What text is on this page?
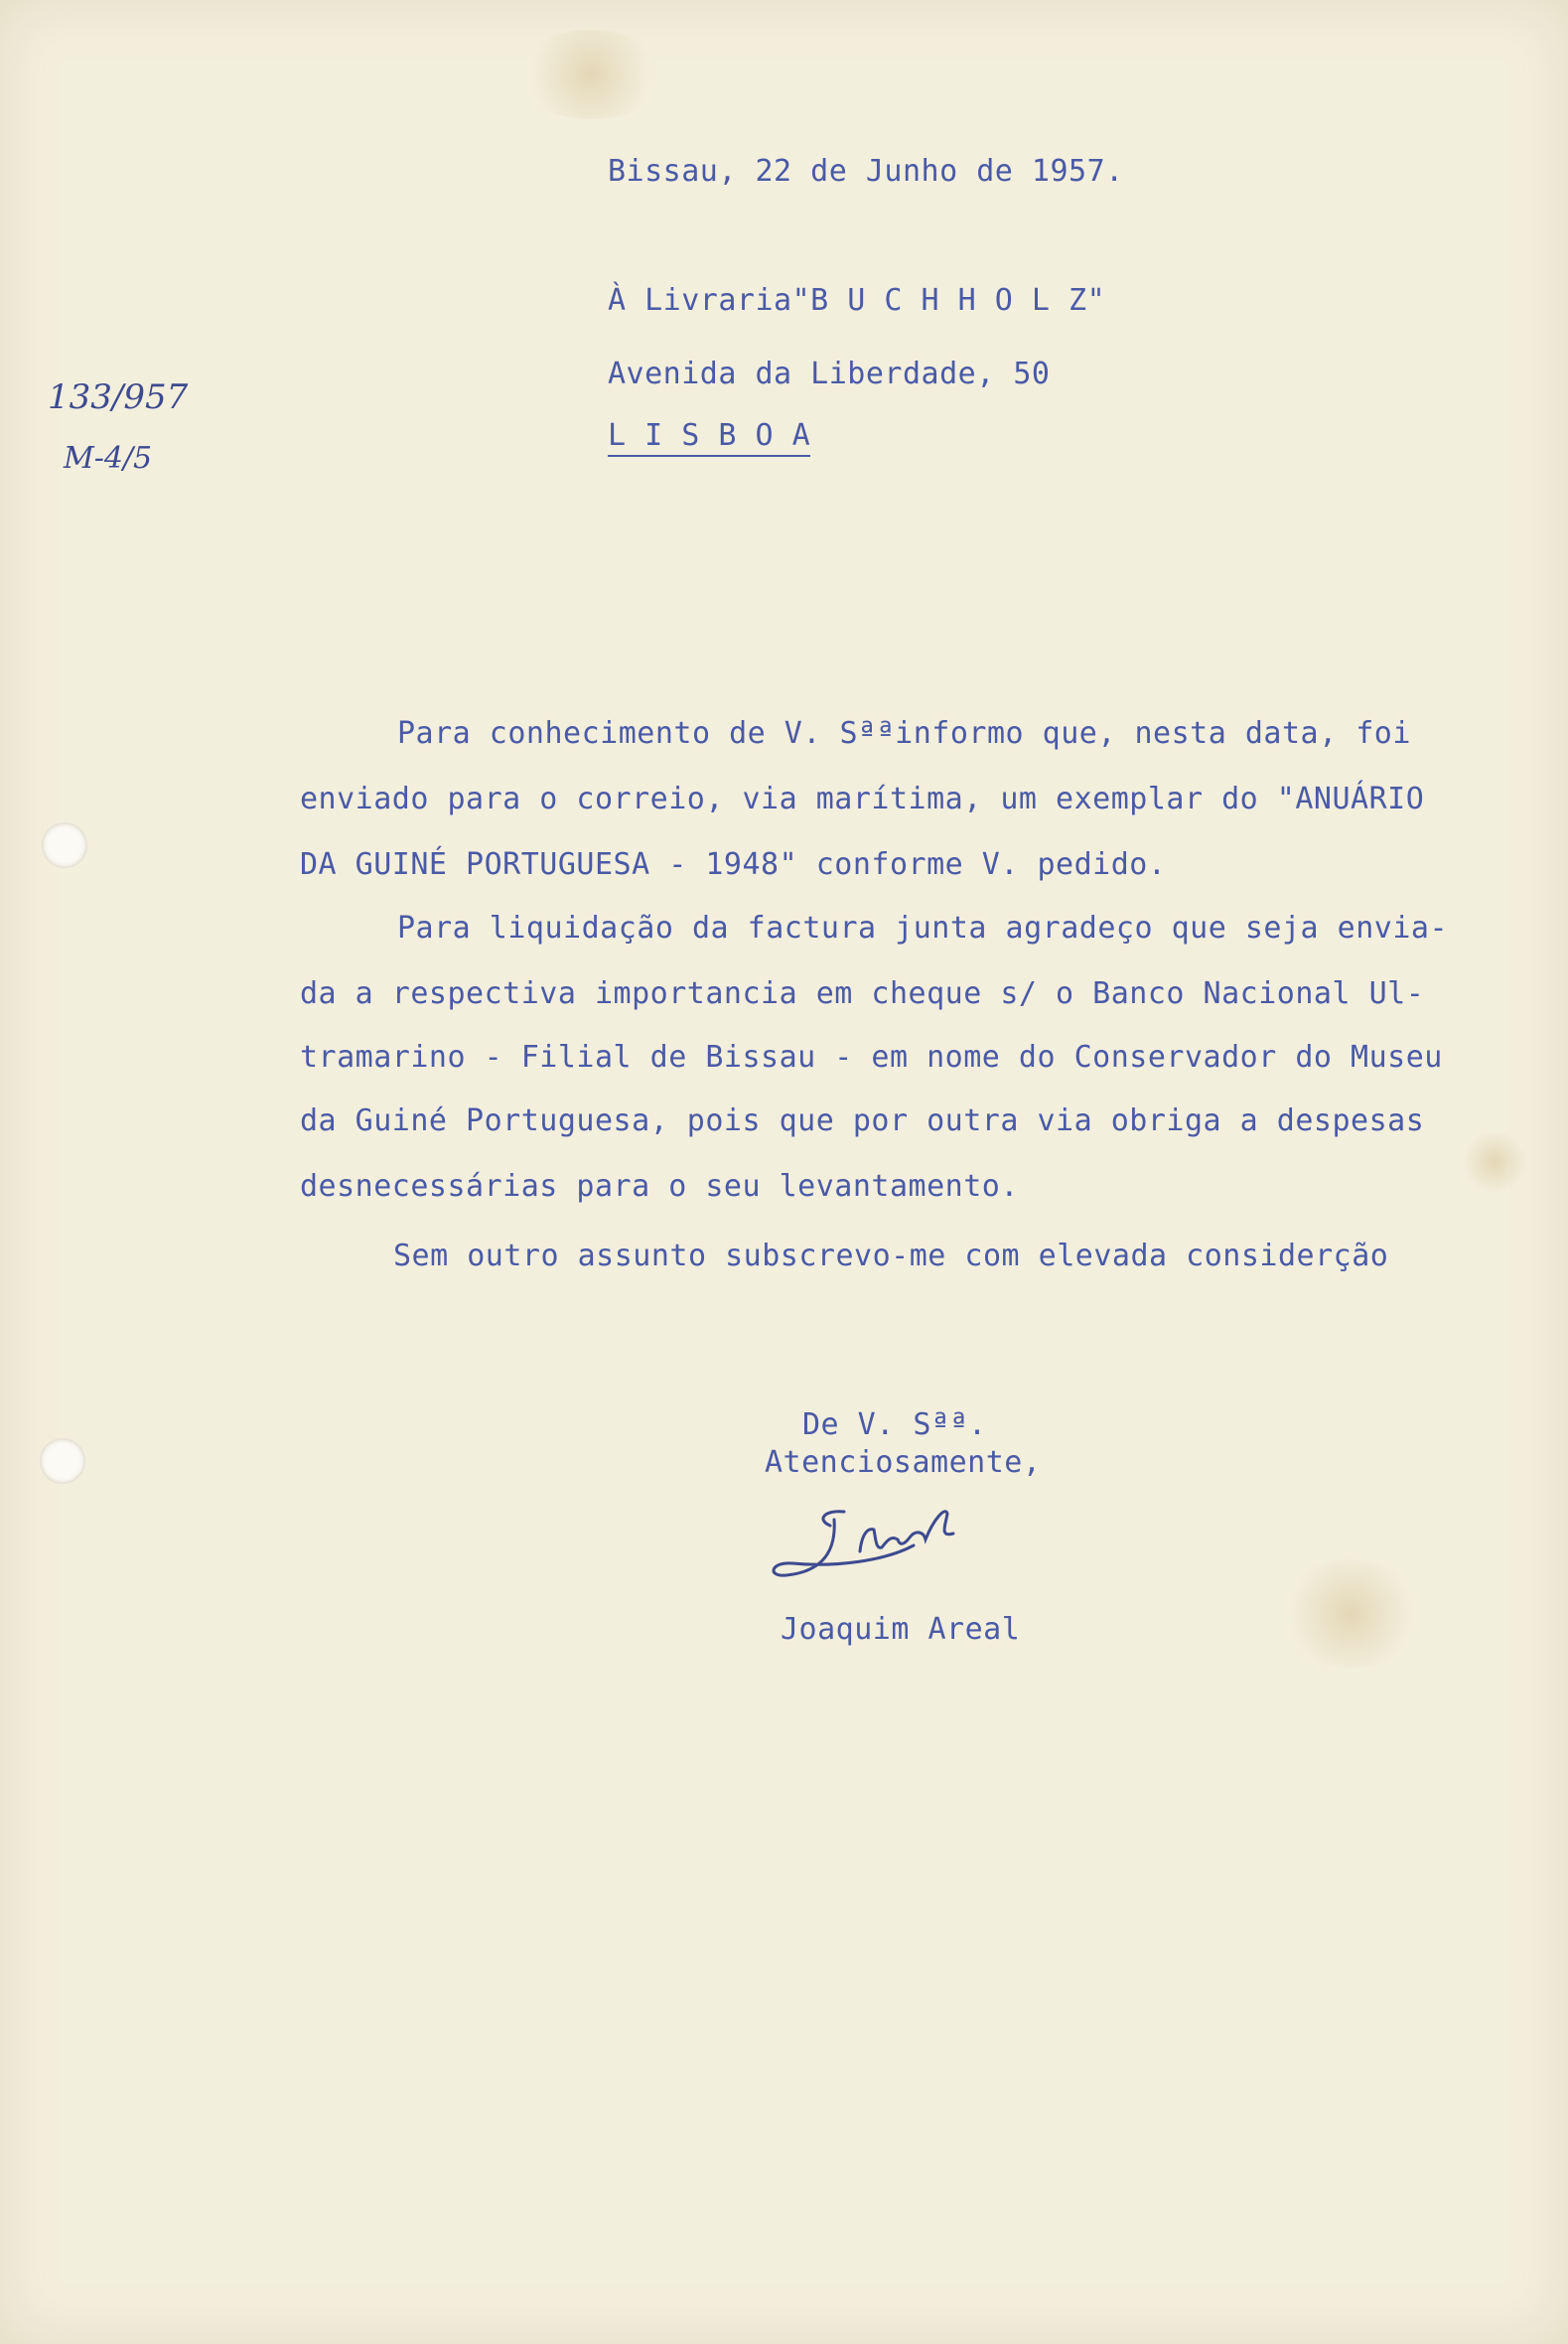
Bissau, 22 de Junho de 1957.
À Livraria"B U C H H O L Z"
Avenida da Liberdade, 50
L I S B O A
133/957
M-4/5
Para conhecimento de V. Sªªinformo que, nesta data, foi
enviado para o correio, via marítima, um exemplar do "ANUÁRIO
DA GUINÉ PORTUGUESA - 1948" conforme V. pedido.
Para liquidação da factura junta agradeço que seja envia-
da a respectiva importancia em cheque s/ o Banco Nacional Ul-
tramarino - Filial de Bissau - em nome do Conservador do Museu
da Guiné Portuguesa, pois que por outra via obriga a despesas
desnecessárias para o seu levantamento.
Sem outro assunto subscrevo-me com elevada considerção
De V. Sªª.
Atenciosamente,
Joaquim Areal
